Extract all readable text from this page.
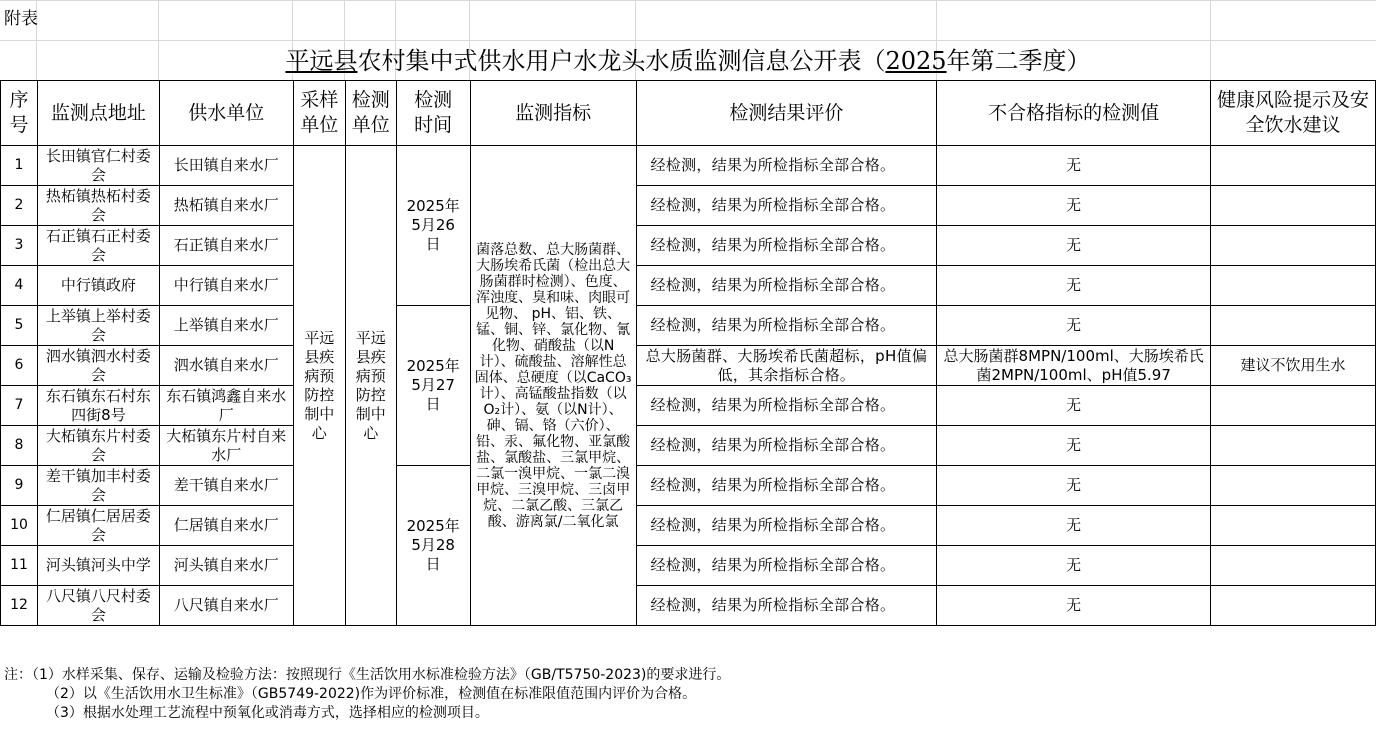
附表
平远县农村集中式供水用户水龙头水质监测信息公开表（2025年第二季度）
序号	监测点地址	供水单位	采样单位	检测单位	检测时间	监测指标	检测结果评价	不合格指标的检测值	健康风险提示及安全饮水建议
1	长田镇官仁村委会	长田镇自来水厂	平远县疾病预防控制中心	平远县疾病预防控制中心	2025年5月26日	菌落总数、总大肠菌群、大肠埃希氏菌（检出总大肠菌群时检测）、色度、浑浊度、臭和味、肉眼可见物、 pH、铝、铁、锰、铜、锌、氯化物、氰化物、硝酸盐（以N计）、硫酸盐、溶解性总固体、总硬度（以CaCO₃计）、高锰酸盐指数（以O₂计）、氨（以N计）、砷、镉、铬（六价）、铅、汞、氟化物、亚氯酸盐、氯酸盐、三氯甲烷、二氯一溴甲烷、一氯二溴甲烷、三溴甲烷、三卤甲烷、二氯乙酸、三氯乙酸、游离氯/二氧化氯	经检测，结果为所检指标全部合格。	无	
2	热柘镇热柘村委会	热柘镇自来水厂					经检测，结果为所检指标全部合格。	无	
3	石正镇石正村委会	石正镇自来水厂					经检测，结果为所检指标全部合格。	无	
4	中行镇政府	中行镇自来水厂					经检测，结果为所检指标全部合格。	无	
5	上举镇上举村委会	上举镇自来水厂			2025年5月27日		经检测，结果为所检指标全部合格。	无	
6	泗水镇泗水村委会	泗水镇自来水厂					总大肠菌群、大肠埃希氏菌超标，pH值偏低，其余指标合格。	总大肠菌群8MPN/100ml、大肠埃希氏菌2MPN/100ml、pH值5.97	建议不饮用生水
7	东石镇东石村东四街8号	东石镇鸿鑫自来水厂					经检测，结果为所检指标全部合格。	无	
8	大柘镇东片村委会	大柘镇东片村自来水厂					经检测，结果为所检指标全部合格。	无	
9	差干镇加丰村委会	差干镇自来水厂			2025年5月28日		经检测，结果为所检指标全部合格。	无	
10	仁居镇仁居居委会	仁居镇自来水厂					经检测，结果为所检指标全部合格。	无	
11	河头镇河头中学	河头镇自来水厂					经检测，结果为所检指标全部合格。	无	
12	八尺镇八尺村委会	八尺镇自来水厂					经检测，结果为所检指标全部合格。	无	
注：（1）水样采集、保存、运输及检验方法：按照现行《生活饮用水标准检验方法》（GB/T5750-2023)的要求进行。
（2）以《生活饮用水卫生标准》（GB5749-2022)作为评价标准，检测值在标准限值范围内评价为合格。
（3）根据水处理工艺流程中预氧化或消毒方式，选择相应的检测项目。
